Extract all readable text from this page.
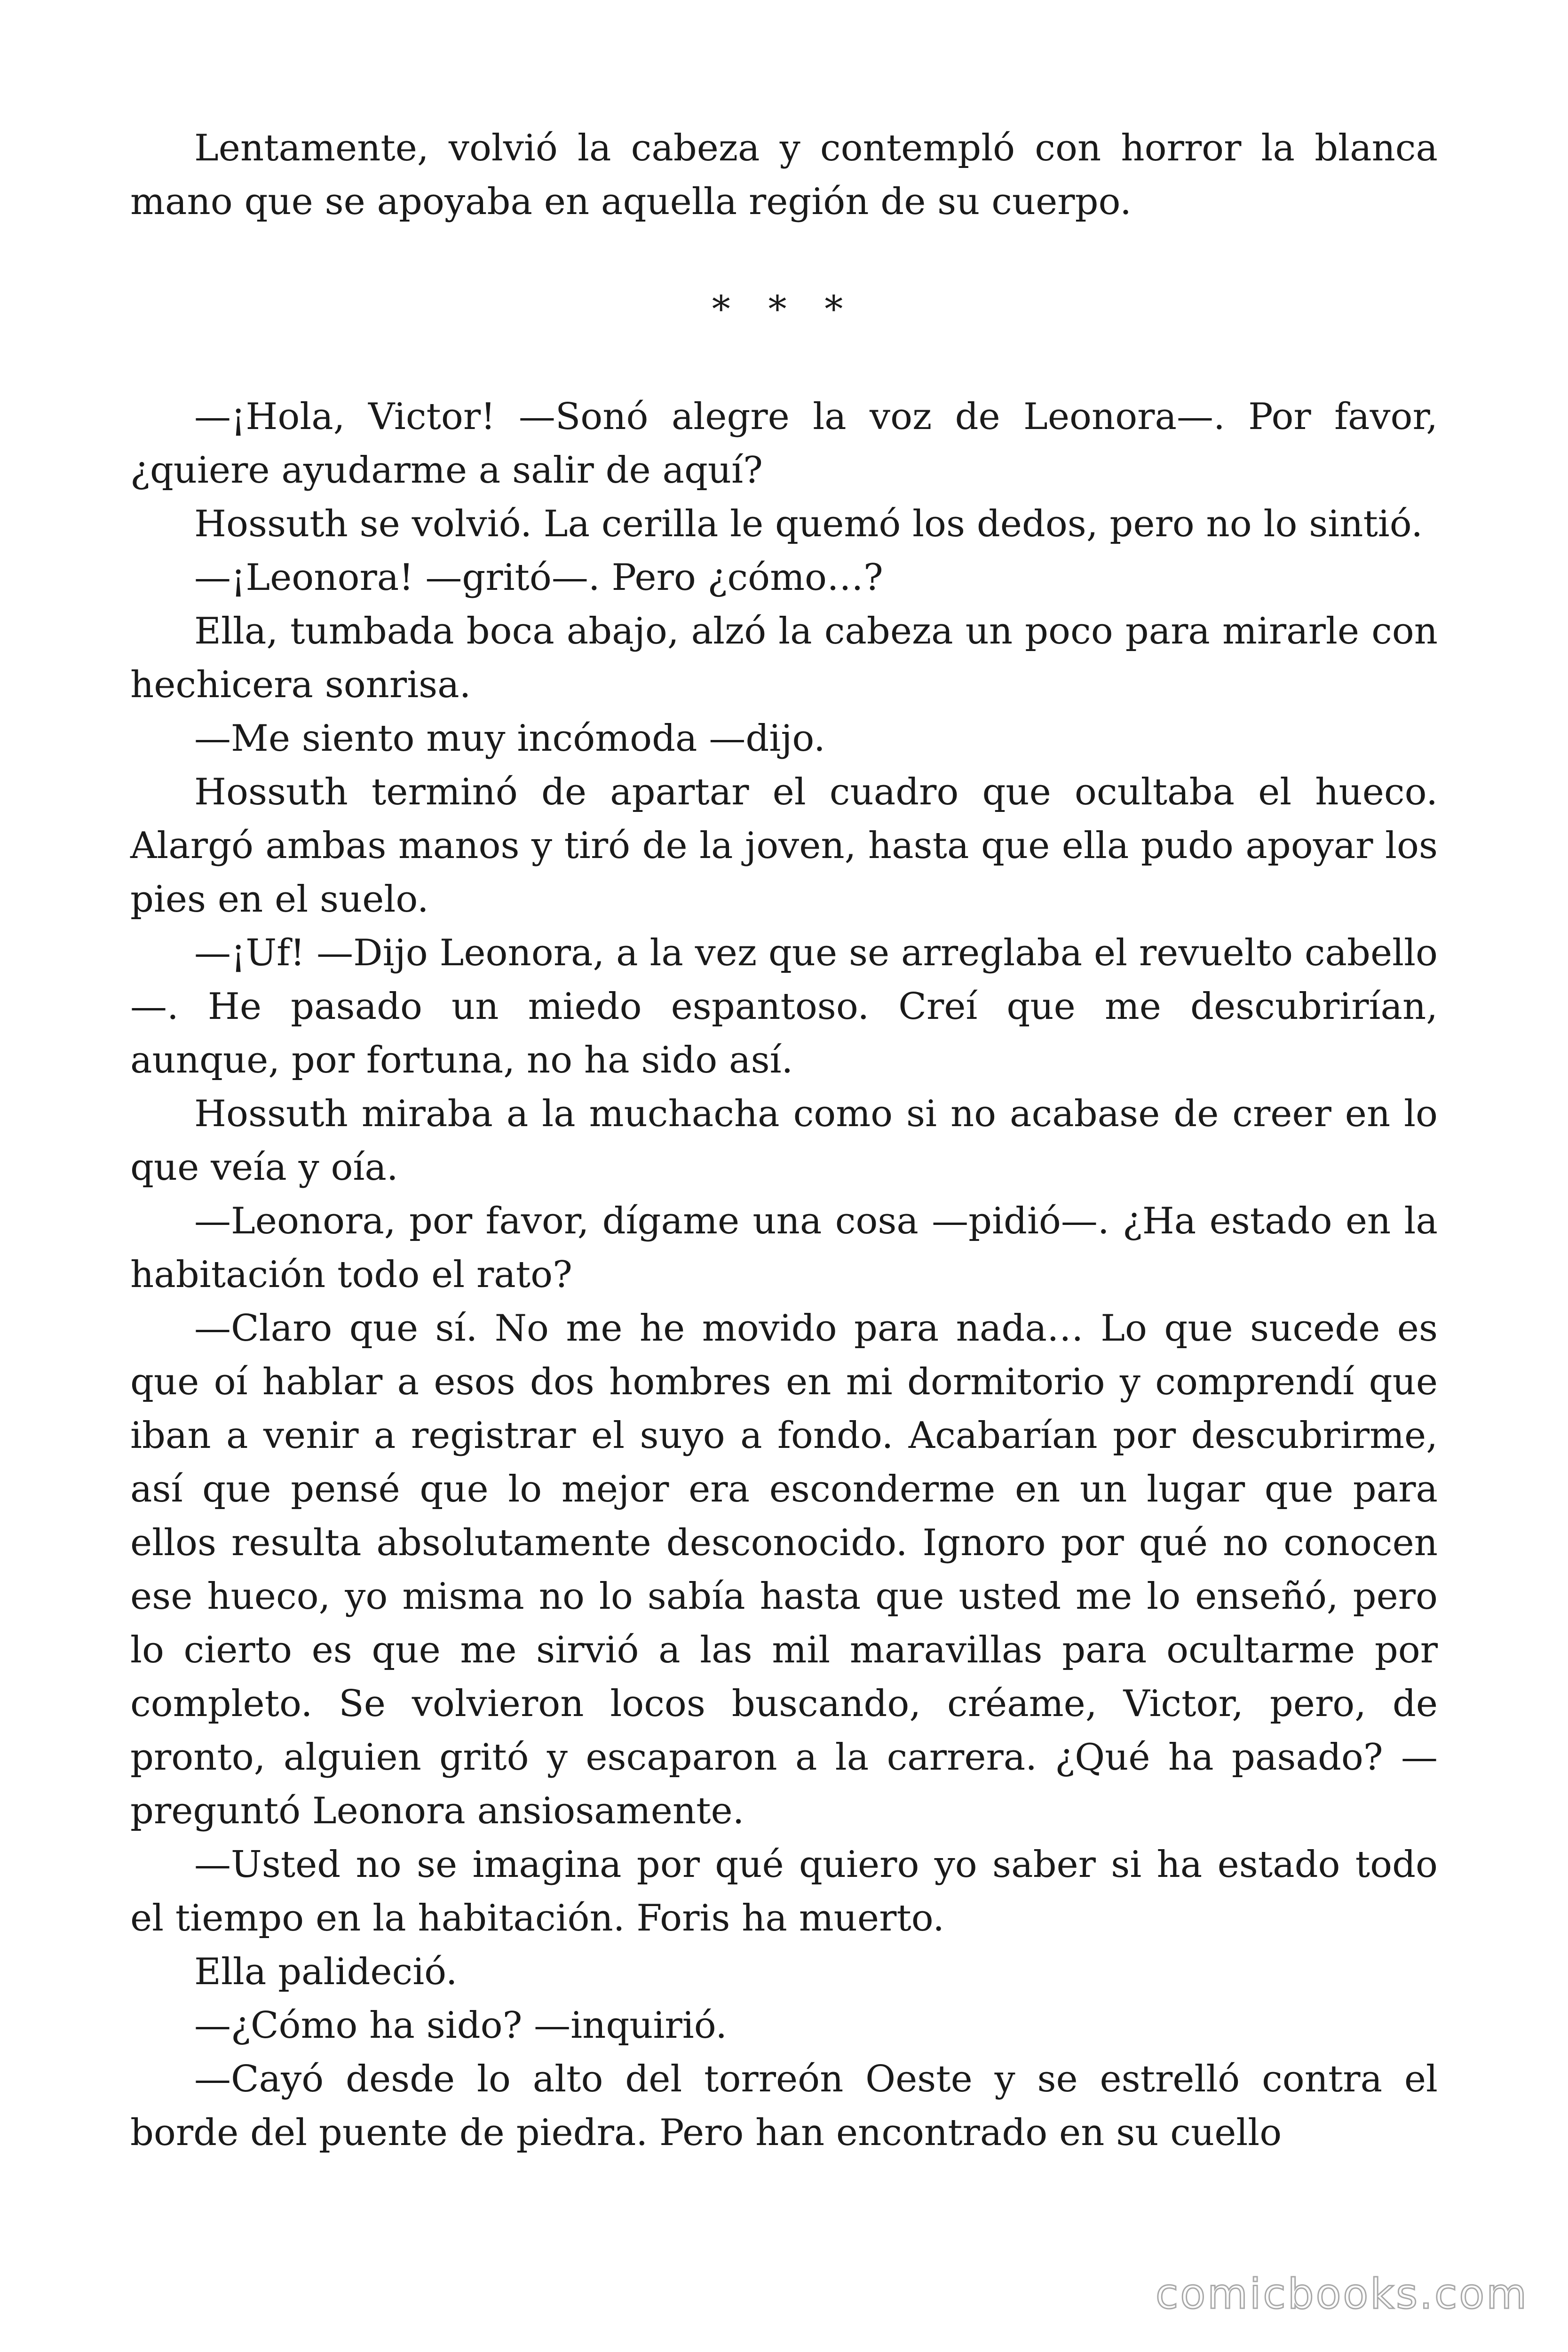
Lentamente, volvió la cabeza y contempló con horror la blanca mano que se apoyaba en aquella región de su cuerpo.

* * *

—¡Hola, Victor! —Sonó alegre la voz de Leonora—. Por favor, ¿quiere ayudarme a salir de aquí?

Hossuth se volvió. La cerilla le quemó los dedos, pero no lo sintió.

—¡Leonora! —gritó—. Pero ¿cómo…?

Ella, tumbada boca abajo, alzó la cabeza un poco para mirarle con hechicera sonrisa.

—Me siento muy incómoda —dijo.

Hossuth terminó de apartar el cuadro que ocultaba el hueco. Alargó ambas manos y tiró de la joven, hasta que ella pudo apoyar los pies en el suelo.

—¡Uf! —Dijo Leonora, a la vez que se arreglaba el revuelto cabello—. He pasado un miedo espantoso. Creí que me descubrirían, aunque, por fortuna, no ha sido así.

Hossuth miraba a la muchacha como si no acabase de creer en lo que veía y oía.

—Leonora, por favor, dígame una cosa —pidió—. ¿Ha estado en la habitación todo el rato?

—Claro que sí. No me he movido para nada… Lo que sucede es que oí hablar a esos dos hombres en mi dormitorio y comprendí que iban a venir a registrar el suyo a fondo. Acabarían por descubrirme, así que pensé que lo mejor era esconderme en un lugar que para ellos resulta absolutamente desconocido. Ignoro por qué no conocen ese hueco, yo misma no lo sabía hasta que usted me lo enseñó, pero lo cierto es que me sirvió a las mil maravillas para ocultarme por completo. Se volvieron locos buscando, créame, Victor, pero, de pronto, alguien gritó y escaparon a la carrera. ¿Qué ha pasado? —preguntó Leonora ansiosamente.

—Usted no se imagina por qué quiero yo saber si ha estado todo el tiempo en la habitación. Foris ha muerto.

Ella palideció.

—¿Cómo ha sido? —inquirió.

—Cayó desde lo alto del torreón Oeste y se estrelló contra el borde del puente de piedra. Pero han encontrado en su cuello

comicbooks.com
